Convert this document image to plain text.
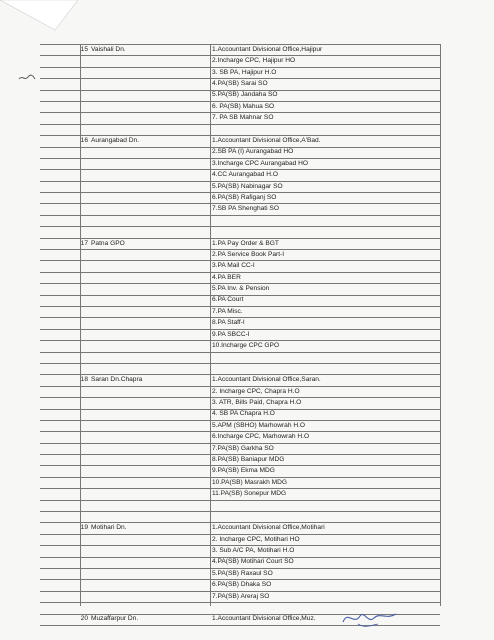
15 Vaishali Dn.	1.Accountant Divisional Office,Hajipur
2.Incharge CPC, Hajipur HO
3. SB PA, Hajipur H.O
4.PA(SB) Sarai SO
5.PA(SB) Jandaha SO
6. PA(SB) Mahua SO
7. PA SB Mahnar SO
16 Aurangabad Dn.	1.Accountant Divisional Office,A'Bad.
2.SB PA (I) Aurangabad HO
3.Incharge CPC Aurangabad HO
4.CC Aurangabad H.O
5.PA(SB) Nabinagar SO
6.PA(SB) Rafiganj SO
7.SB PA Shenghati SO
17 Patna GPO	1.PA Pay Order & BGT
2.PA Service Book Part-I
3.PA Mail CC-I
4.PA BER
5.PA Inv. & Pension
6.PA Court
7.PA Misc.
8.PA Staff-I
9.PA SBCC-I
10.Incharge CPC GPO
18 Saran Dn.Chapra	1.Accountant Divisional Office,Saran.
2. Incharge CPC, Chapra H.O
3. ATR, Bills Paid, Chapra H.O
4. SB PA Chapra H.O
5.APM (SBHO) Marhowrah H.O
6.Incharge CPC, Marhowrah H.O
7.PA(SB) Garkha SO
8.PA(SB) Baniapur MDG
9.PA(SB) Ekma MDG
10.PA(SB) Masrakh MDG
11.PA(SB) Sonepur MDG
19 Motihari Dn.	1.Accountant Divisional Office,Motihari
2. Incharge CPC, Motihari HO
3. Sub A/C PA, Motihari H.O
4.PA(SB) Motihari Court SO
5.PA(SB) Raxaul SO
6.PA(SB) Dhaka SO
7.PA(SB) Areraj SO
20 Muzaffarpur Dn.	1.Accountant Divisional Office,Muz.
